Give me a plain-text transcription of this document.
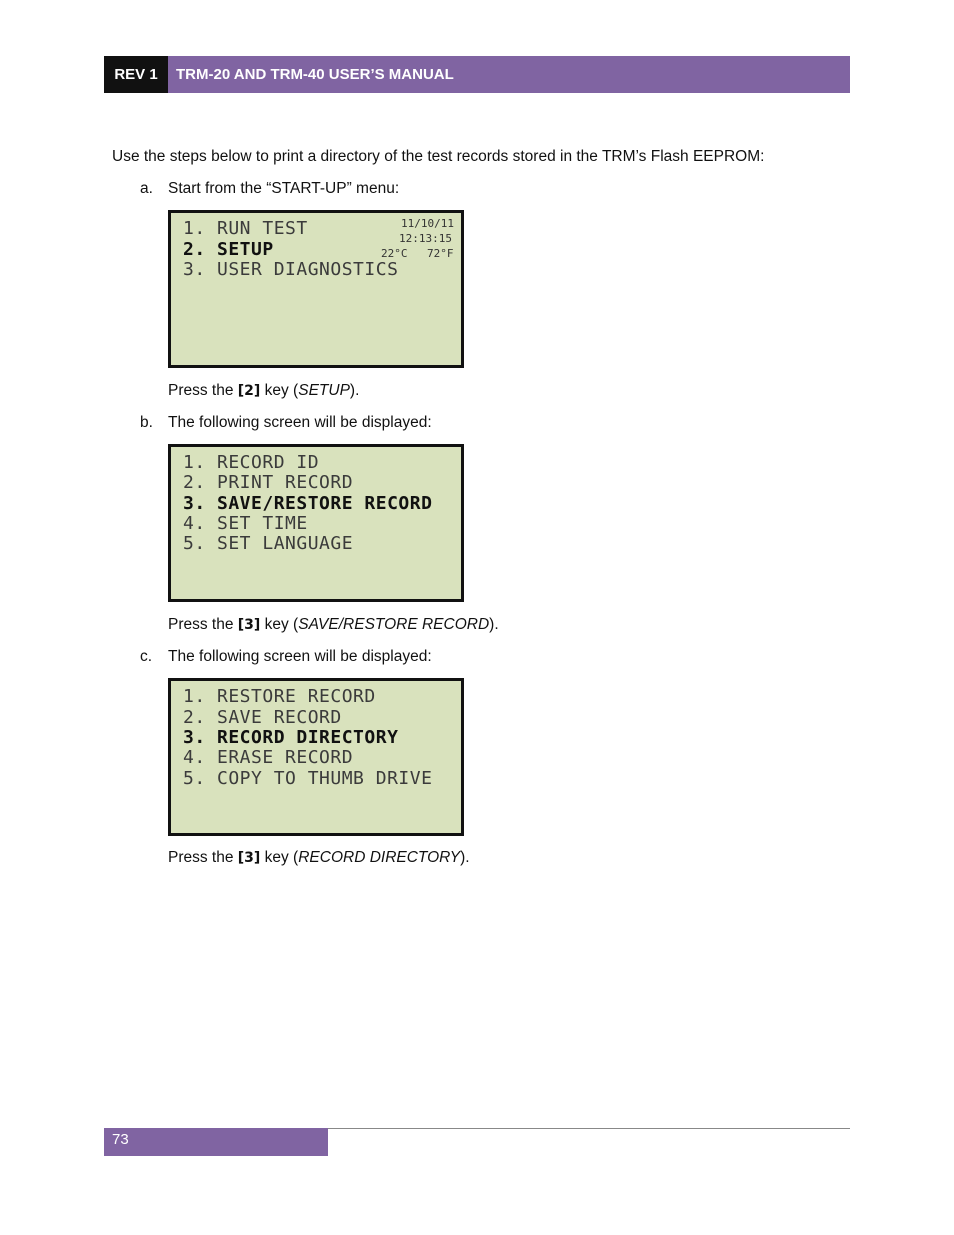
REV 1	TRM-20 AND TRM-40 USER’S MANUAL
Use the steps below to print a directory of the test records stored in the TRM’s Flash EEPROM:
a. Start from the “START-UP” menu:
1. RUN TEST
2. SETUP
3. USER DIAGNOSTICS
11/10/11
12:13:15
22°C 72°F
Press the [2] key (SETUP).
b. The following screen will be displayed:
1. RECORD ID
2. PRINT RECORD
3. SAVE/RESTORE RECORD
4. SET TIME
5. SET LANGUAGE
Press the [3] key (SAVE/RESTORE RECORD).
c. The following screen will be displayed:
1. RESTORE RECORD
2. SAVE RECORD
3. RECORD DIRECTORY
4. ERASE RECORD
5. COPY TO THUMB DRIVE
Press the [3] key (RECORD DIRECTORY).
73
